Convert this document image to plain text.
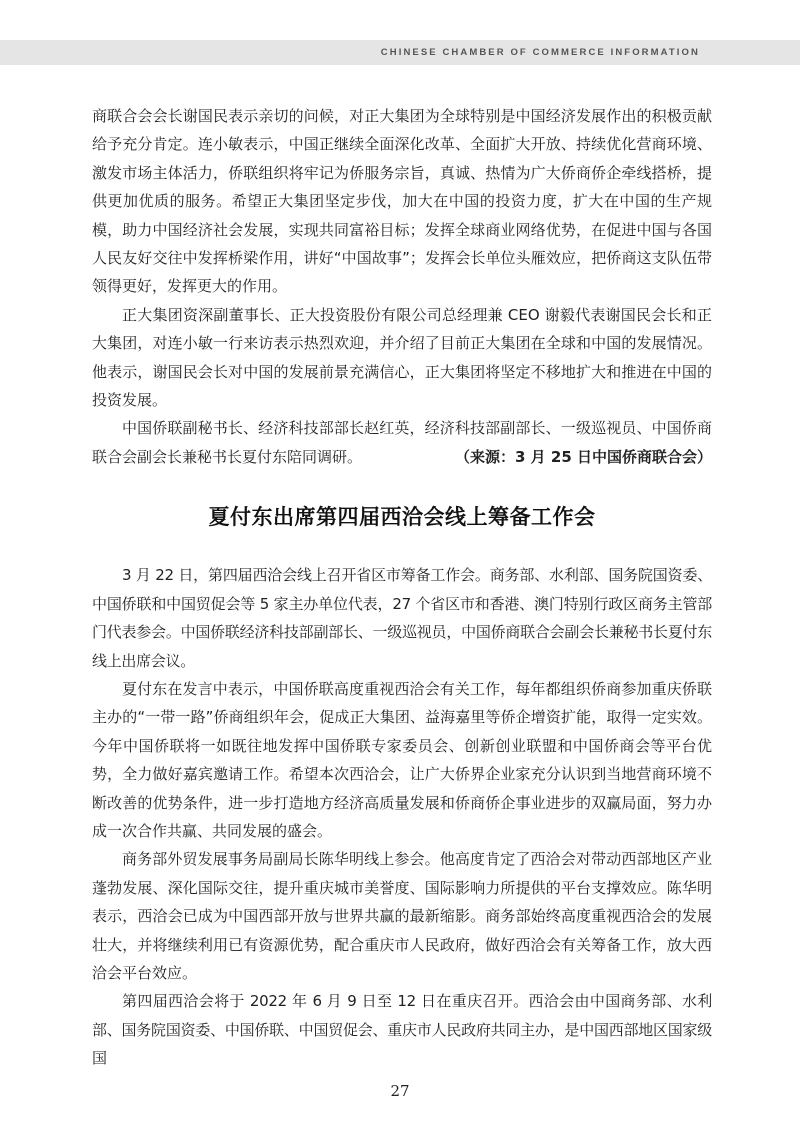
CHINESE CHAMBER OF COMMERCE INFORMATION

商联合会会长谢国民表示亲切的问候，对正大集团为全球特别是中国经济发展作出的积极贡献给予充分肯定。连小敏表示，中国正继续全面深化改革、全面扩大开放、持续优化营商环境、激发市场主体活力，侨联组织将牢记为侨服务宗旨，真诚、热情为广大侨商侨企牵线搭桥，提供更加优质的服务。希望正大集团坚定步伐，加大在中国的投资力度，扩大在中国的生产规模，助力中国经济社会发展，实现共同富裕目标；发挥全球商业网络优势，在促进中国与各国人民友好交往中发挥桥梁作用，讲好“中国故事”；发挥会长单位头雁效应，把侨商这支队伍带领得更好，发挥更大的作用。

正大集团资深副董事长、正大投资股份有限公司总经理兼 CEO 谢毅代表谢国民会长和正大集团，对连小敏一行来访表示热烈欢迎，并介绍了目前正大集团在全球和中国的发展情况。他表示，谢国民会长对中国的发展前景充满信心，正大集团将坚定不移地扩大和推进在中国的投资发展。

中国侨联副秘书长、经济科技部部长赵红英，经济科技部副部长、一级巡视员、中国侨商联合会副会长兼秘书长夏付东陪同调研。	（来源：3 月 25 日中国侨商联合会）

夏付东出席第四届西洽会线上筹备工作会

3 月 22 日，第四届西洽会线上召开省区市筹备工作会。商务部、水利部、国务院国资委、中国侨联和中国贸促会等 5 家主办单位代表，27 个省区市和香港、澳门特别行政区商务主管部门代表参会。中国侨联经济科技部副部长、一级巡视员，中国侨商联合会副会长兼秘书长夏付东线上出席会议。

夏付东在发言中表示，中国侨联高度重视西洽会有关工作，每年都组织侨商参加重庆侨联主办的“一带一路”侨商组织年会，促成正大集团、益海嘉里等侨企增资扩能，取得一定实效。今年中国侨联将一如既往地发挥中国侨联专家委员会、创新创业联盟和中国侨商会等平台优势，全力做好嘉宾邀请工作。希望本次西洽会，让广大侨界企业家充分认识到当地营商环境不断改善的优势条件，进一步打造地方经济高质量发展和侨商侨企事业进步的双赢局面，努力办成一次合作共赢、共同发展的盛会。

商务部外贸发展事务局副局长陈华明线上参会。他高度肯定了西洽会对带动西部地区产业蓬勃发展、深化国际交往，提升重庆城市美誉度、国际影响力所提供的平台支撑效应。陈华明表示，西洽会已成为中国西部开放与世界共赢的最新缩影。商务部始终高度重视西洽会的发展壮大，并将继续利用已有资源优势，配合重庆市人民政府，做好西洽会有关筹备工作，放大西洽会平台效应。

第四届西洽会将于 2022 年 6 月 9 日至 12 日在重庆召开。西洽会由中国商务部、水利部、国务院国资委、中国侨联、中国贸促会、重庆市人民政府共同主办，是中国西部地区国家级国

27
